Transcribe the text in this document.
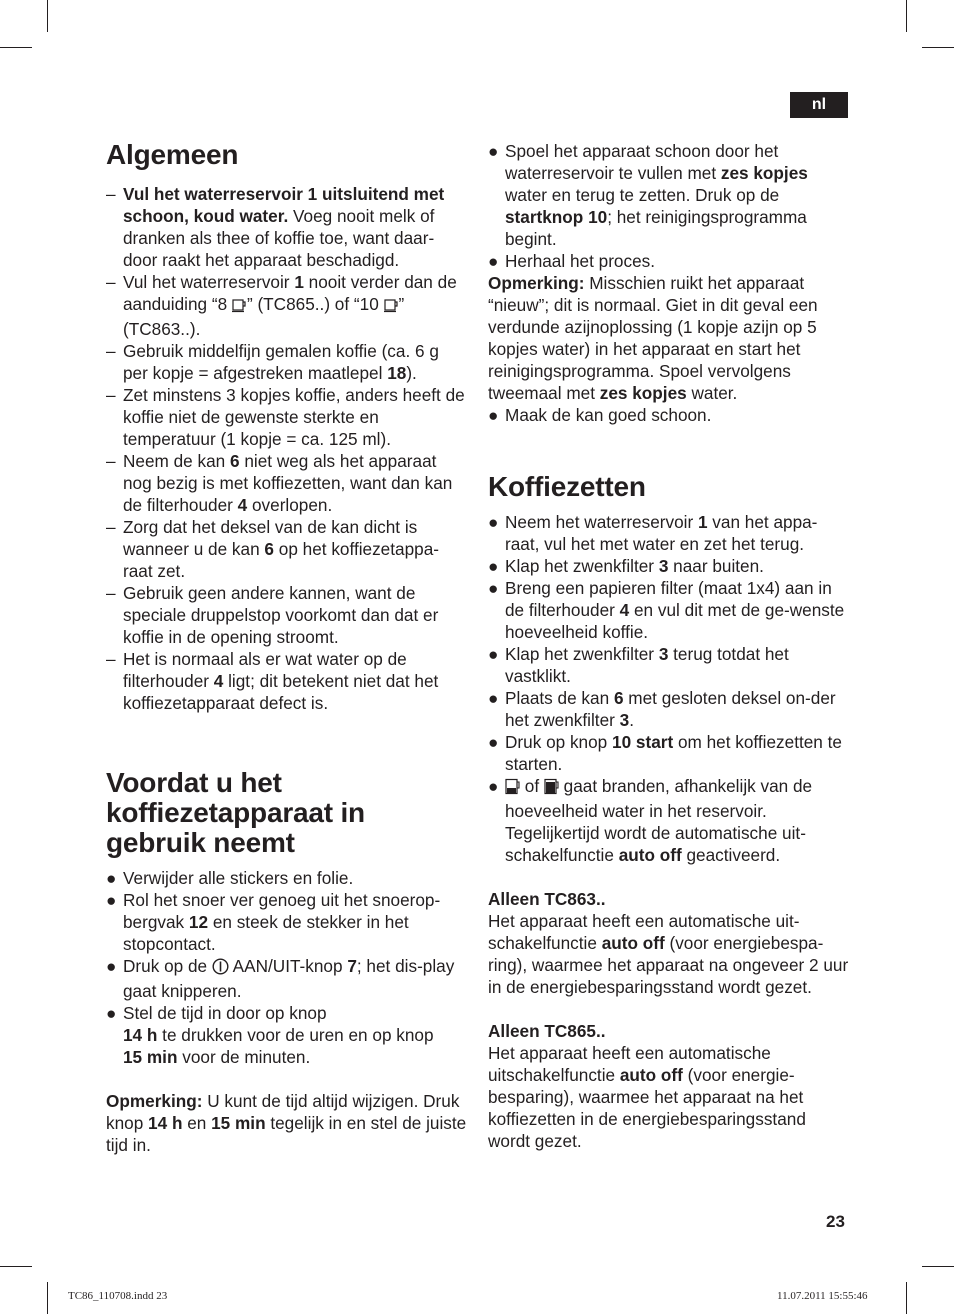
nl
Algemeen
– Vul het waterreservoir 1 uitsluitend met schoon, koud water. Voeg nooit melk of dranken als thee of koffie toe, want daar-door raakt het apparaat beschadigd.
– Vul het waterreservoir 1 nooit verder dan de aanduiding “8 ” (TC865..) of “10 ” (TC863..).
– Gebruik middelfijn gemalen koffie (ca. 6 g per kopje = afgestreken maatlepel 18).
– Zet minstens 3 kopjes koffie, anders heeft de koffie niet de gewenste sterkte en temperatuur (1 kopje = ca. 125 ml).
– Neem de kan 6 niet weg als het apparaat nog bezig is met koffiezetten, want dan kan de filterhouder 4 overlopen.
– Zorg dat het deksel van de kan dicht is wanneer u de kan 6 op het koffiezetappa-raat zet.
– Gebruik geen andere kannen, want de speciale druppelstop voorkomt dan dat er koffie in de opening stroomt.
– Het is normaal als er wat water op de filterhouder 4 ligt; dit betekent niet dat het koffiezetapparaat defect is.
Voordat u het
koffiezetapparaat in
gebruik neemt
● Verwijder alle stickers en folie.
● Rol het snoer ver genoeg uit het snoerop-bergvak 12 en steek de stekker in het stopcontact.
● Druk op de  AAN/UIT-knop 7; het dis-play gaat knipperen.
● Stel de tijd in door op knop
14 h te drukken voor de uren en op knop
15 min voor de minuten.

Opmerking: U kunt de tijd altijd wijzigen. Druk knop 14 h en 15 min tegelijk in en stel de juiste tijd in.

● Spoel het apparaat schoon door het waterreservoir te vullen met zes kopjes water en terug te zetten. Druk op de startknop 10; het reinigingsprogramma begint.
● Herhaal het proces.

Opmerking: Misschien ruikt het apparaat “nieuw”; dit is normaal. Giet in dit geval een verdunde azijnoplossing (1 kopje azijn op 5 kopjes water) in het apparaat en start het reinigingsprogramma. Spoel vervolgens tweemaal met zes kopjes water.

● Maak de kan goed schoon.
Koffiezetten
● Neem het waterreservoir 1 van het appa-raat, vul het met water en zet het terug.
● Klap het zwenkfilter 3 naar buiten.
● Breng een papieren filter (maat 1x4) aan in de filterhouder 4 en vul dit met de ge-wenste hoeveelheid koffie.
● Klap het zwenkfilter 3 terug totdat het vastklikt.
● Plaats de kan 6 met gesloten deksel on-der het zwenkfilter 3.
● Druk op knop 10 start om het koffiezetten te starten.
● of  gaat branden, afhankelijk van de hoeveelheid water in het reservoir. Tegelijkertijd wordt de automatische uit-schakelfunctie auto off geactiveerd.

Alleen TC863..

Het apparaat heeft een automatische uit-schakelfunctie auto off (voor energiebespa-ring), waarmee het apparaat na ongeveer 2 uur in de energiebesparingsstand wordt gezet.

Alleen TC865..

Het apparaat heeft een automatische uitschakelfunctie auto off (voor energie-besparing), waarmee het apparaat na het koffiezetten in de energiebesparingsstand wordt gezet.

23
TC86_110708.indd 23	11.07.2011 15:55:46
